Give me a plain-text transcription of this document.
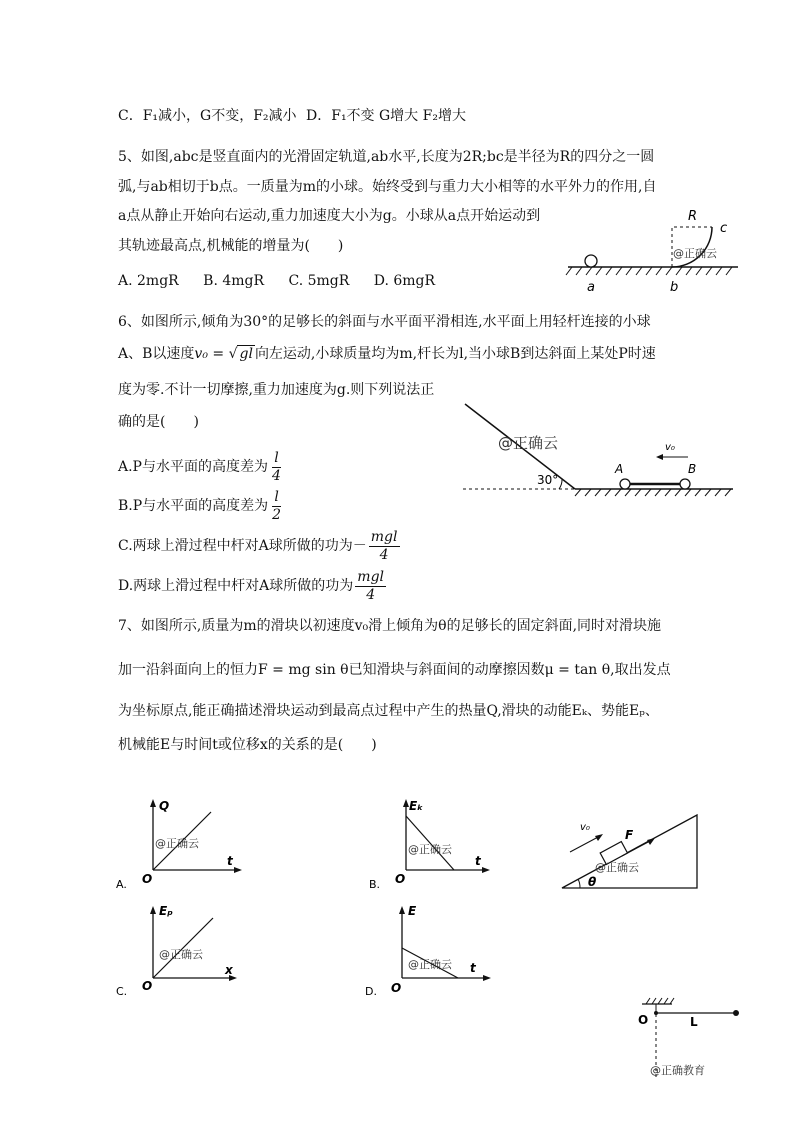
C．F₁减小，G不变，F₂减小 D．F₁不变 G增大 F₂增大
5、如图,abc是竖直面内的光滑固定轨道,ab水平,长度为2R;bc是半径为R的四分之一圆
弧,与ab相切于b点。一质量为m的小球。始终受到与重力大小相等的水平外力的作用,自
a点从静止开始向右运动,重力加速度大小为g。小球从a点开始运动到
其轨迹最高点,机械能的增量为(　　)
A. 2mgR B. 4mgR C. 5mgR D. 6mgR
R
c
a	b
@正确云
6、如图所示,倾角为30°的足够长的斜面与水平面平滑相连,水平面上用轻杆连接的小球
A、B以速度v₀ = √ gl 向左运动,小球质量均为m,杆长为l,当小球B到达斜面上某处P时速
度为零.不计一切摩擦,重力加速度为g.则下列说法正
确的是(　　)
A.P与水平面的高度差为 $\frac{l}{4}$
B.P与水平面的高度差为 $\frac{l}{2}$
C.两球上滑过程中杆对A球所做的功为－ $\frac{\text{mgl}}{4}$
D.两球上滑过程中杆对A球所做的功为 $\frac{\text{mgl}}{4}$
30°
A	B
v₀
@正确云
7、如图所示,质量为m的滑块以初速度v₀滑上倾角为θ的足够长的固定斜面,同时对滑块施
加一沿斜面向上的恒力F = mg sin θ已知滑块与斜面间的动摩擦因数μ = tan θ,取出发点
为坐标原点,能正确描述滑块运动到最高点过程中产生的热量Q,滑块的动能Eₖ、势能Eₚ、
机械能E与时间t或位移x的关系的是(　　)
A.
Q
t
O
@正确云
B.
Eₖ
t
O
@正确云
θ
F
v₀
@正确云
C.
Eₚ
x
O
@正确云
D.
E
t
O
@正确云
O	L
@正确教育
